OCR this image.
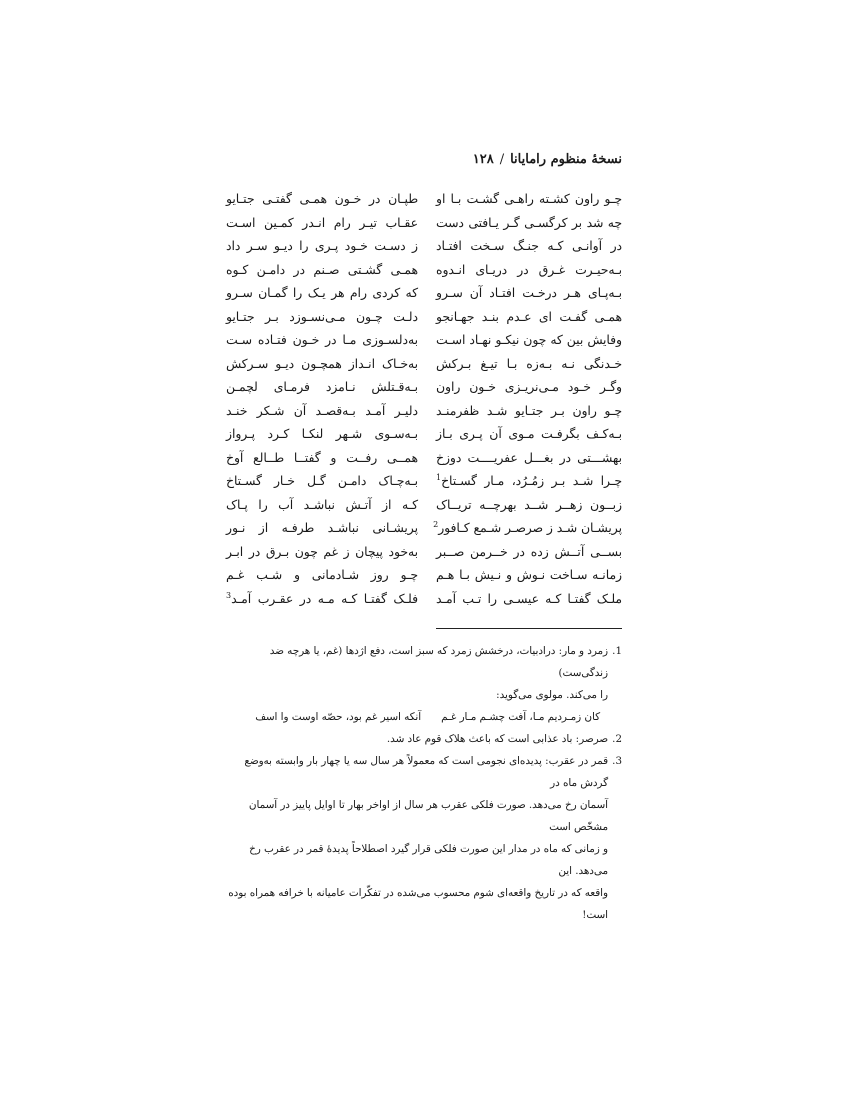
نسخهٔ منظوم رامایانا/۱۲۸
چـو راون کشـته راهـی گشـت بـا او
چه شد بر کرگسـی گـر یـافتی دست
در آوانـی کـه جنـگ سـخت افتـاد
بـه‌حیـرت غـرق در دریـای انـدوه
بـه‌پـای هـر درخـت افتـاد آن سـرو
همـی گفـت ای عـدم بنـد جهـانجو
وفایش بین که چون نیکـو نهـاد اسـت
خـدنگی نـه بـه‌زه بـا تیـغ بـرکش
وگـر خـود مـی‌نریـزی خـون راون
چـو راون بـر جتـایو شـد ظفرمنـد
بـه‌کـف بگرفـت مـوی آن پـری بـاز
بهشـــتی در بغـــل عفریــــت دوزخ
چـرا شـد بـر زمُـرُد، مـار گسـتاخ$^1$
زبــون زهــر شــد بهرچــه تریــاک
پریشـان شـد ز صرصـر شـمع کـافور$^2$
بســی آتــش زده در خــرمن صــبر
زمانـه سـاخت نـوش و نـیش بـا هـم
ملـک گفتـا کـه عیسـی را تـب آمـد
طپـان در خـون همـی گفتـی جتـایو
عقـاب تیـر رام انـدر کمـین اسـت
ز دسـت خـود پـری را دیـو سـر داد
همـی گشـتی صـنم در دامـن کـوه
که کردی رام هر یـک را گمـان سـرو
دلـت چـون مـی‌نسـوزد بـر جتـایو
به‌دلسـوزی مـا در خـون فتـاده سـت
به‌خـاک انـداز همچـون دیـو سـرکش
بـه‌قـتلش نـامزد فرمـای لچمـن
دلیـر آمـد بـه‌قصـد آن شـکر خنـد
بـه‌سـوی شـهر لنکـا کـرد پـرواز
همــی رفــت و گفتــا طــالع آوخ
بـه‌چـاک دامـن گـل خـار گسـتاخ
کـه از آتـش نباشـد آب را پـاک
پریشـانی نباشـد طرفـه از نـور
به‌خود پیچان ز غم چون بـرق در ابـر
چـو روز شـادمانی و شـب غـم
فلـک گفتـا کـه مـه در عقـرب آمـد$^3$
1.
زمرد و مار: درادبیات، درخشش زمرد که سبز است، دفع اژدها (غم، یا هرچه ضد زندگی‌ست)
را می‌کند. مولوی می‌گوید:
کان زمـردیم مـا، آفت چشـم مـار غـمآنکه اسیر غم بود، حصّه اوست وا اسف
2.
صرصر: باد عذابی است که باعث هلاک قوم عاد شد.
3.
قمر در عقرب: پدیده‌ای نجومی است که معمولاً هر سال سه یا چهار بار وابسته به‌وضع گردش ماه در
آسمان رخ می‌دهد. صورت فلکی عقرب هر سال از اواخر بهار تا اوایل پاییز در آسمان مشخّص است
و زمانی که ماه در مدار این صورت فلکی قرار گیرد اصطلاحاً پدیدهٔ قمر در عقرب رخ می‌دهد. این
واقعه که در تاریخ واقعه‌ای شوم محسوب می‌شده در تفکّرات عامیانه با خرافه همراه بوده است!
